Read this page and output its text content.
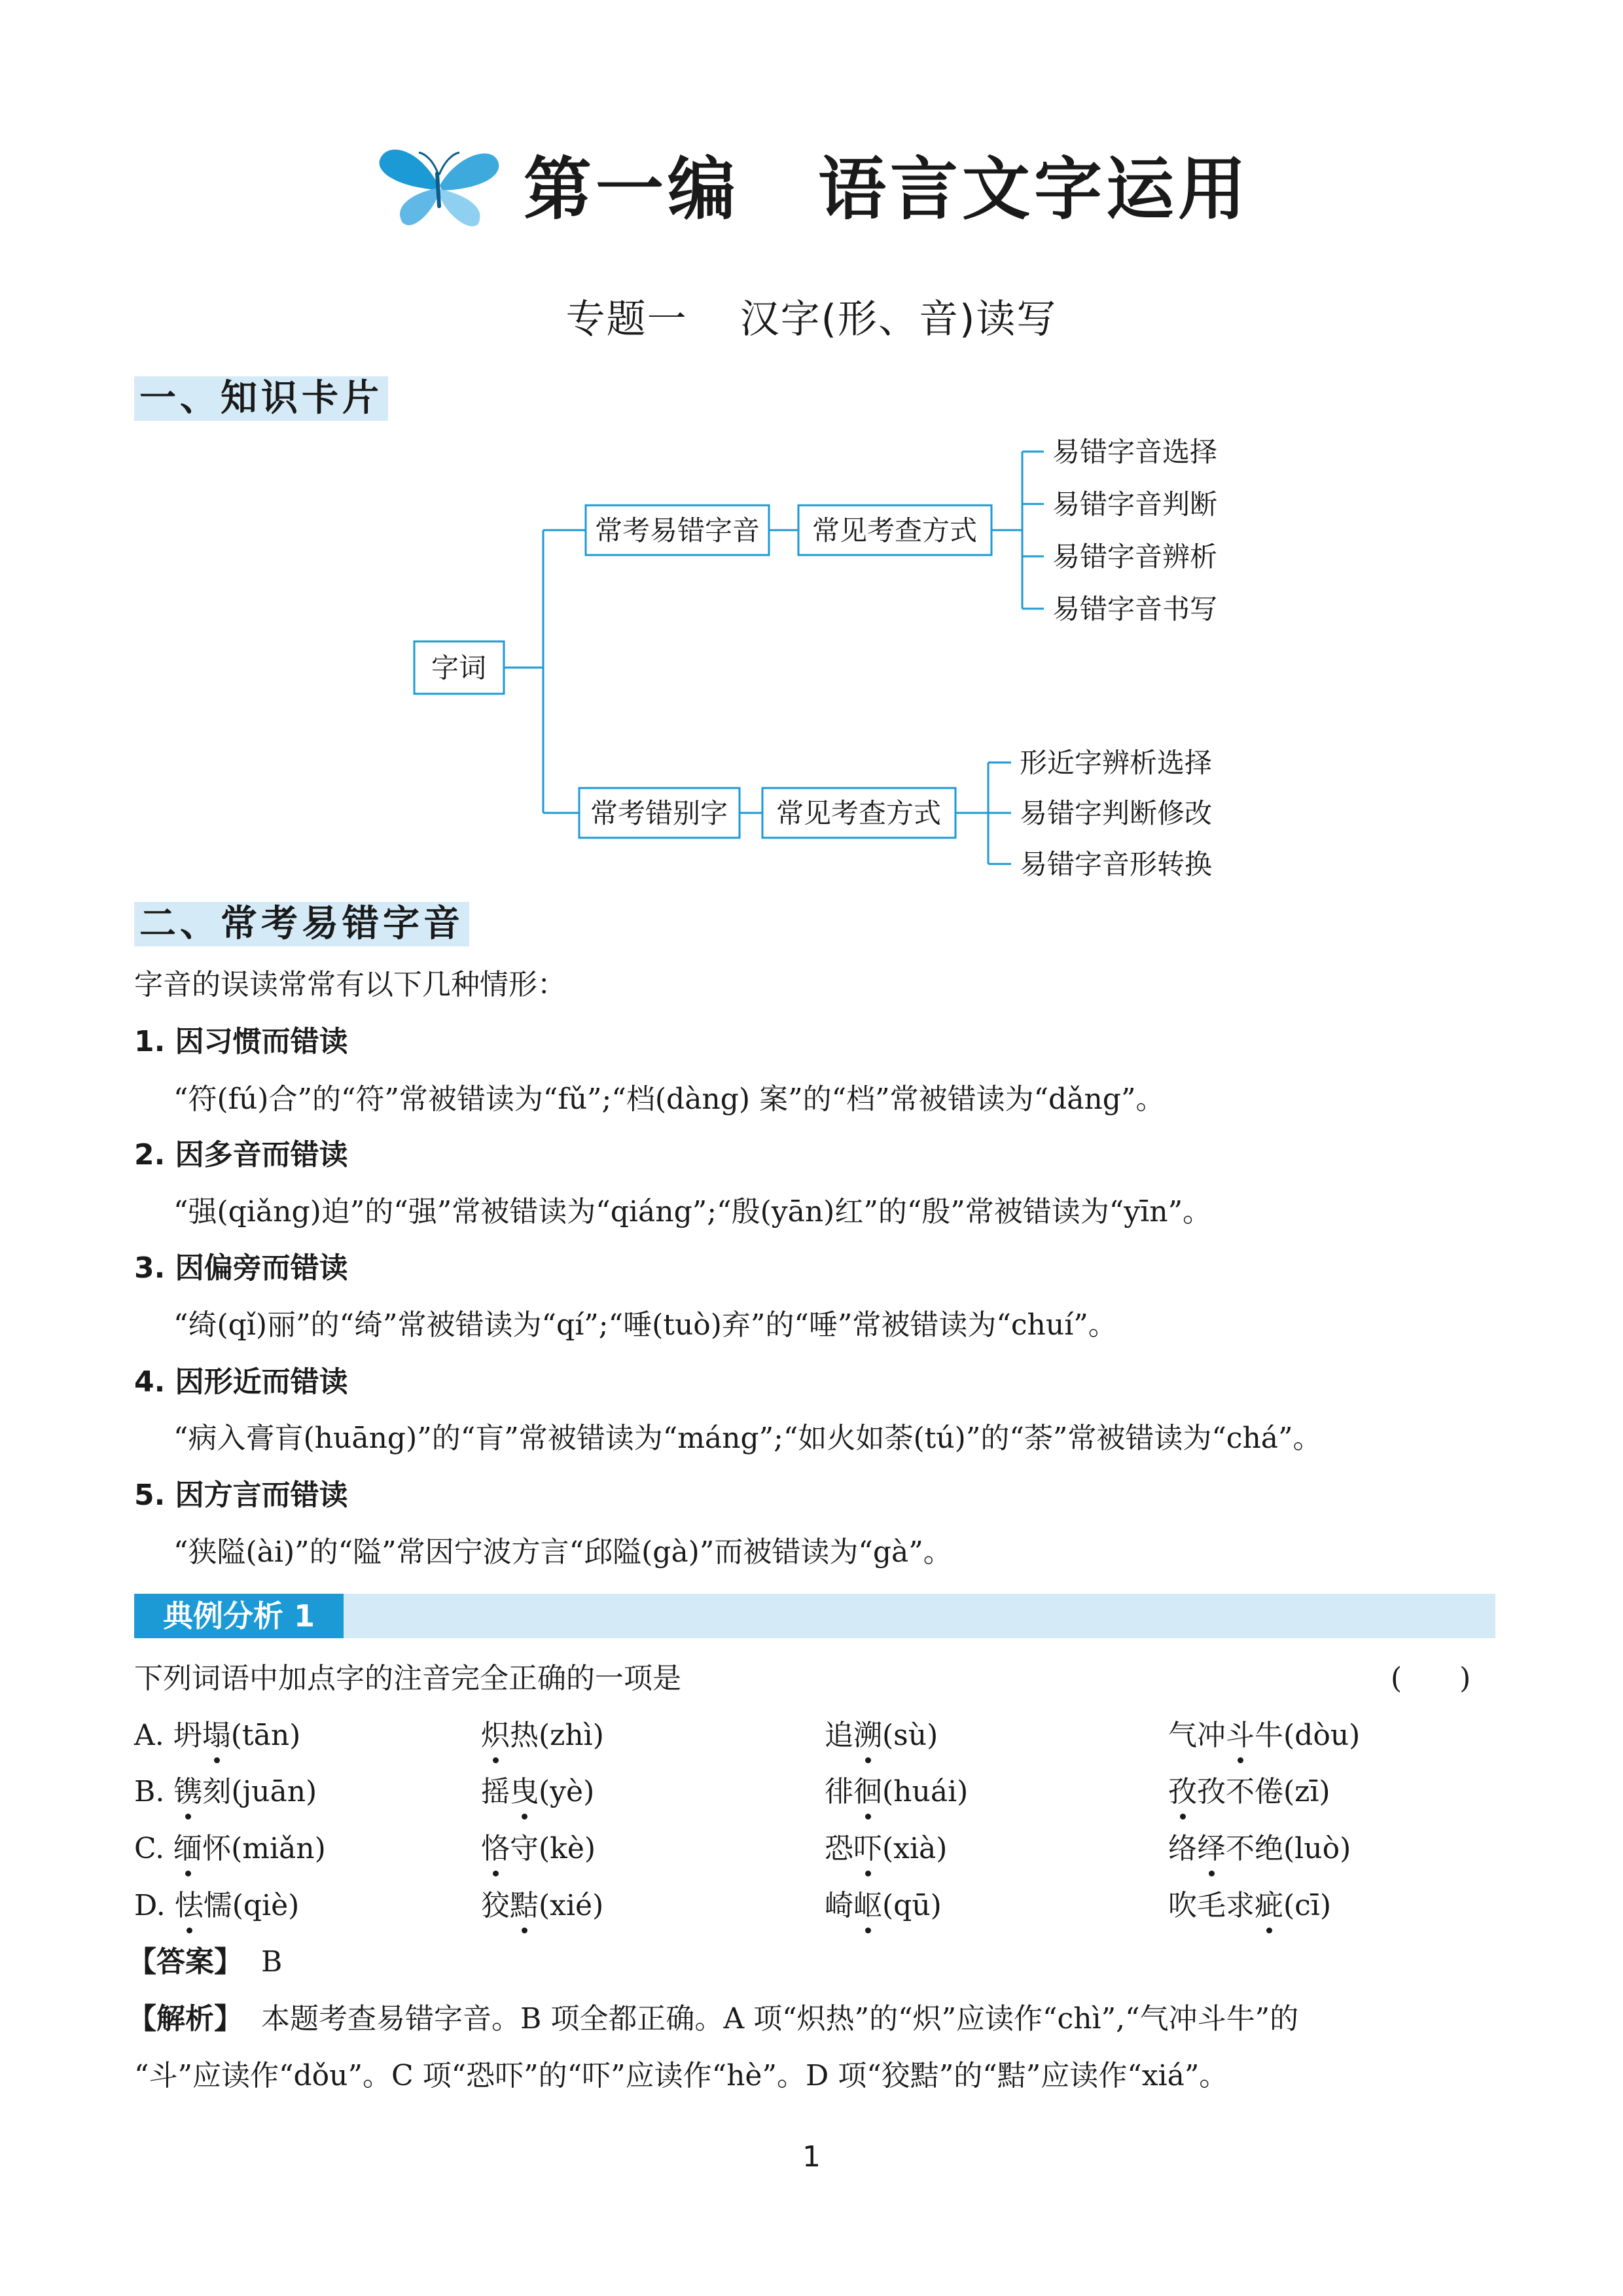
第一编 语言文字运用
专题一 汉字(形、音)读写
一、知识卡片
字词
常考易错字音 常见考查方式
易错字音选择
易错字音判断
易错字音辨析
易错字音书写
常考错别字 常见考查方式
形近字辨析选择
易错字判断修改
易错字音形转换
二、常考易错字音
字音的误读常常有以下几种情形：
1. 因习惯而错读
“符(fú)合”的“符”常被错读为“fǔ”;“档(dàng) 案”的“档”常被错读为“dǎng”。
2. 因多音而错读
“强(qiǎng)迫”的“强”常被错读为“qiáng”;“殷(yān)红”的“殷”常被错读为“yīn”。
3. 因偏旁而错读
“绮(qǐ)丽”的“绮”常被错读为“qí”;“唾(tuò)弃”的“唾”常被错读为“chuí”。
4. 因形近而错读
“病入膏肓(huāng)”的“肓”常被错读为“máng”;“如火如荼(tú)”的“荼”常被错读为“chá”。
5. 因方言而错读
“狭隘(ài)”的“隘”常因宁波方言“邱隘(gà)”而被错读为“gà”。
典例分析 1
下列词语中加点字的注音完全正确的一项是	(　　)
A. 坍塌(tān)	炽热(zhì)	追溯(sù)	气冲斗牛(dòu)
B. 镌刻(juān)	摇曳(yè)	徘徊(huái)	孜孜不倦(zī)
C. 缅怀(miǎn)	恪守(kè)	恐吓(xià)	络绎不绝(luò)
D. 怯懦(qiè)	狡黠(xié)	崎岖(qū)	吹毛求疵(cī)
【答案】 B
【解析】 本题考查易错字音。B 项全都正确。A 项“炽热”的“炽”应读作“chì”,“气冲斗牛”的
“斗”应读作“dǒu”。C 项“恐吓”的“吓”应读作“hè”。D 项“狡黠”的“黠”应读作“xiá”。
1
